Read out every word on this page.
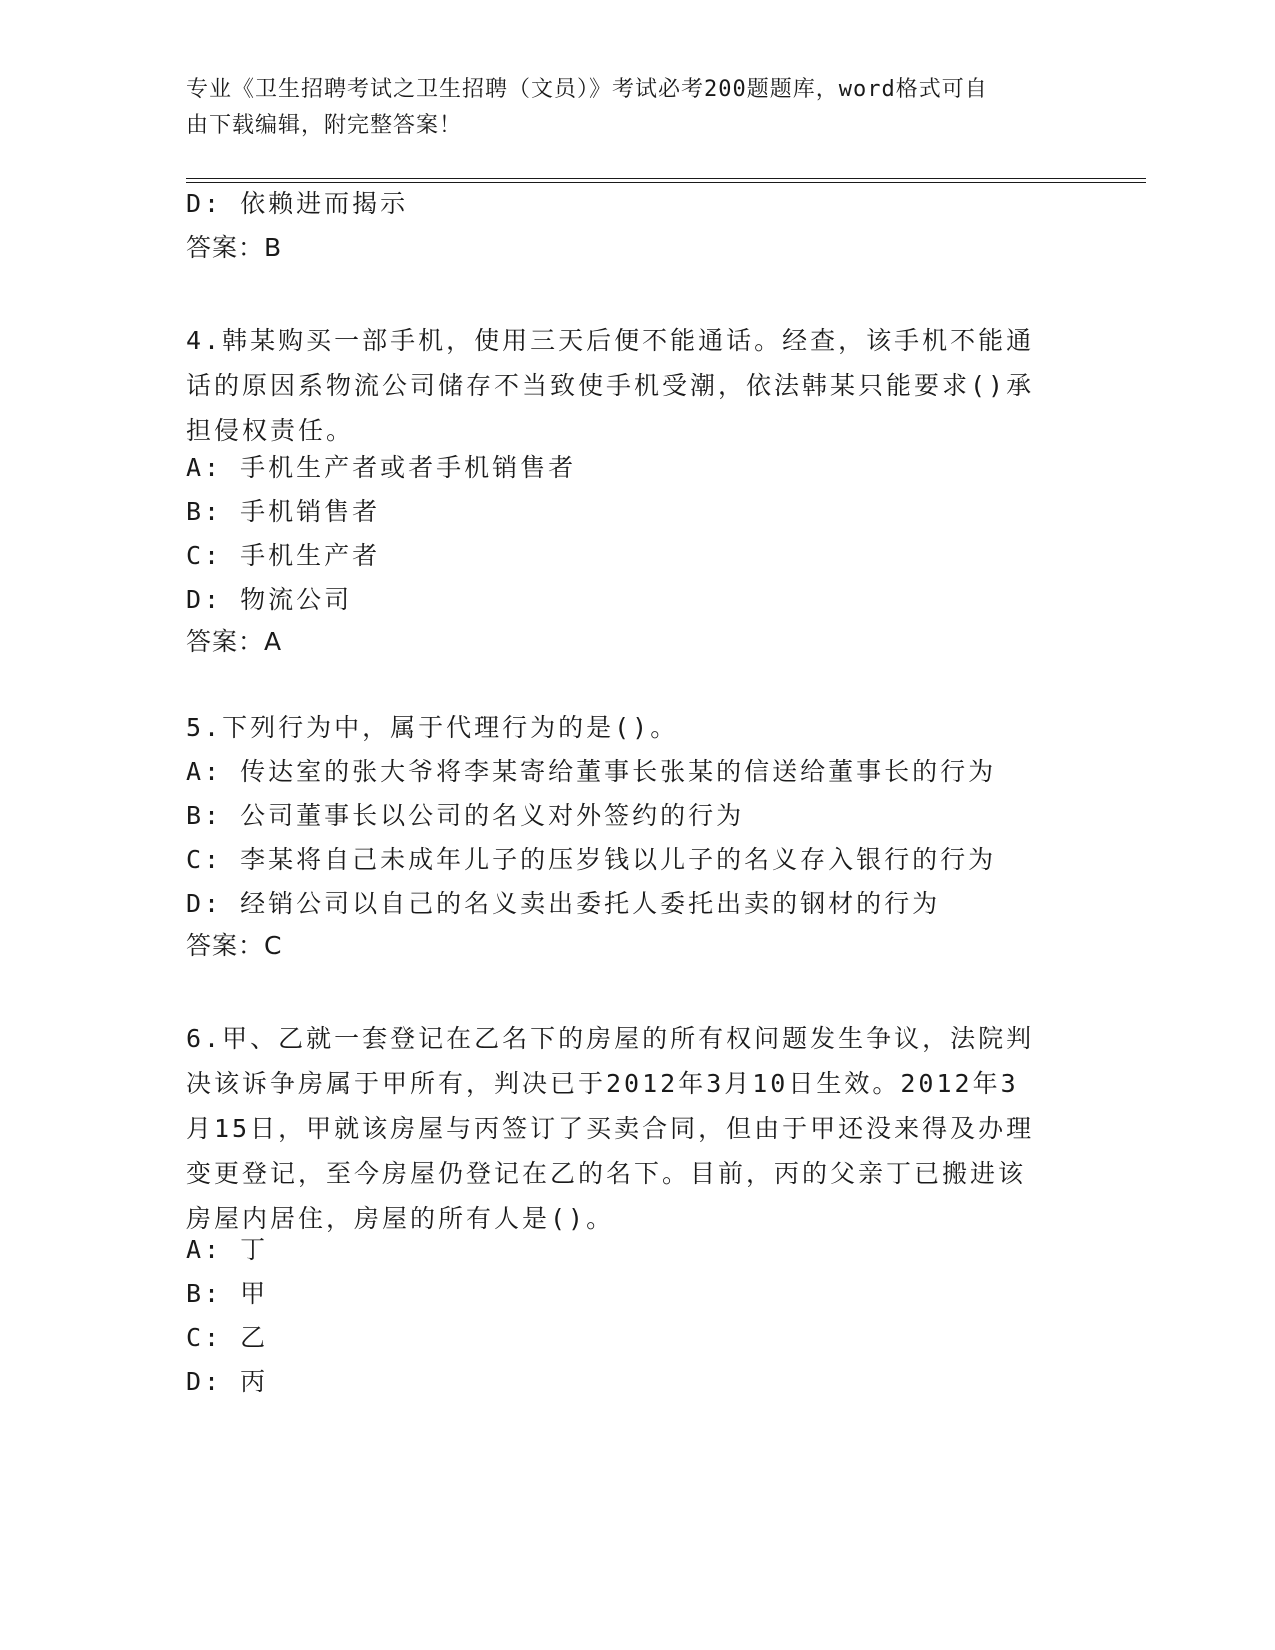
专业《卫生招聘考试之卫生招聘（文员）》考试必考200题题库，word格式可自
由下载编辑，附完整答案！
D: 依赖进而揭示
答案：B
4.韩某购买一部手机，使用三天后便不能通话。经查，该手机不能通
话的原因系物流公司储存不当致使手机受潮，依法韩某只能要求()承
担侵权责任。
A: 手机生产者或者手机销售者
B: 手机销售者
C: 手机生产者
D: 物流公司
答案：A
5.下列行为中，属于代理行为的是()。
A: 传达室的张大爷将李某寄给董事长张某的信送给董事长的行为
B: 公司董事长以公司的名义对外签约的行为
C: 李某将自己未成年儿子的压岁钱以儿子的名义存入银行的行为
D: 经销公司以自己的名义卖出委托人委托出卖的钢材的行为
答案：C
6.甲、乙就一套登记在乙名下的房屋的所有权问题发生争议，法院判
决该诉争房属于甲所有，判决已于2012年3月10日生效。2012年3
月15日，甲就该房屋与丙签订了买卖合同，但由于甲还没来得及办理
变更登记，至今房屋仍登记在乙的名下。目前，丙的父亲丁已搬进该
房屋内居住，房屋的所有人是()。
A: 丁
B: 甲
C: 乙
D: 丙
